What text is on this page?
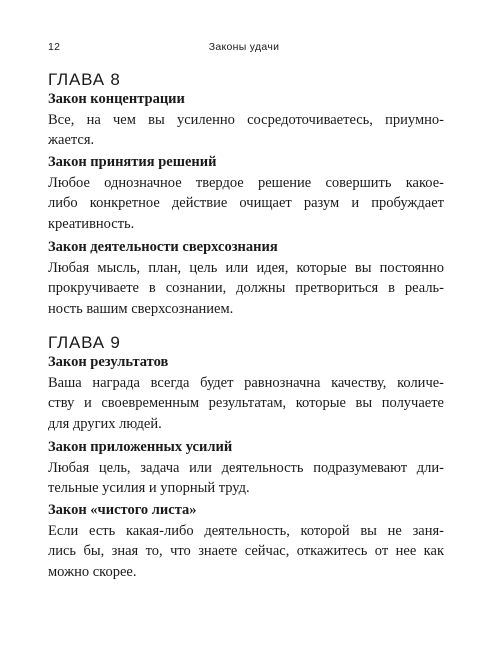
12	Законы удачи
ГЛАВА 8
Закон концентрации
Все, на чем вы усиленно сосредоточиваетесь, приумно-
жается.
Закон принятия решений
Любое однозначное твердое решение совершить какое-
либо конкретное действие очищает разум и пробуждает
креативность.
Закон деятельности сверхсознания
Любая мысль, план, цель или идея, которые вы постоянно
прокручиваете в сознании, должны претвориться в реаль-
ность вашим сверхсознанием.
ГЛАВА 9
Закон результатов
Ваша награда всегда будет равнозначна качеству, количе-
ству и своевременным результатам, которые вы получаете
для других людей.
Закон приложенных усилий
Любая цель, задача или деятельность подразумевают дли-
тельные усилия и упорный труд.
Закон «чистого листа»
Если есть какая-либо деятельность, которой вы не заня-
лись бы, зная то, что знаете сейчас, откажитесь от нее как
можно скорее.
